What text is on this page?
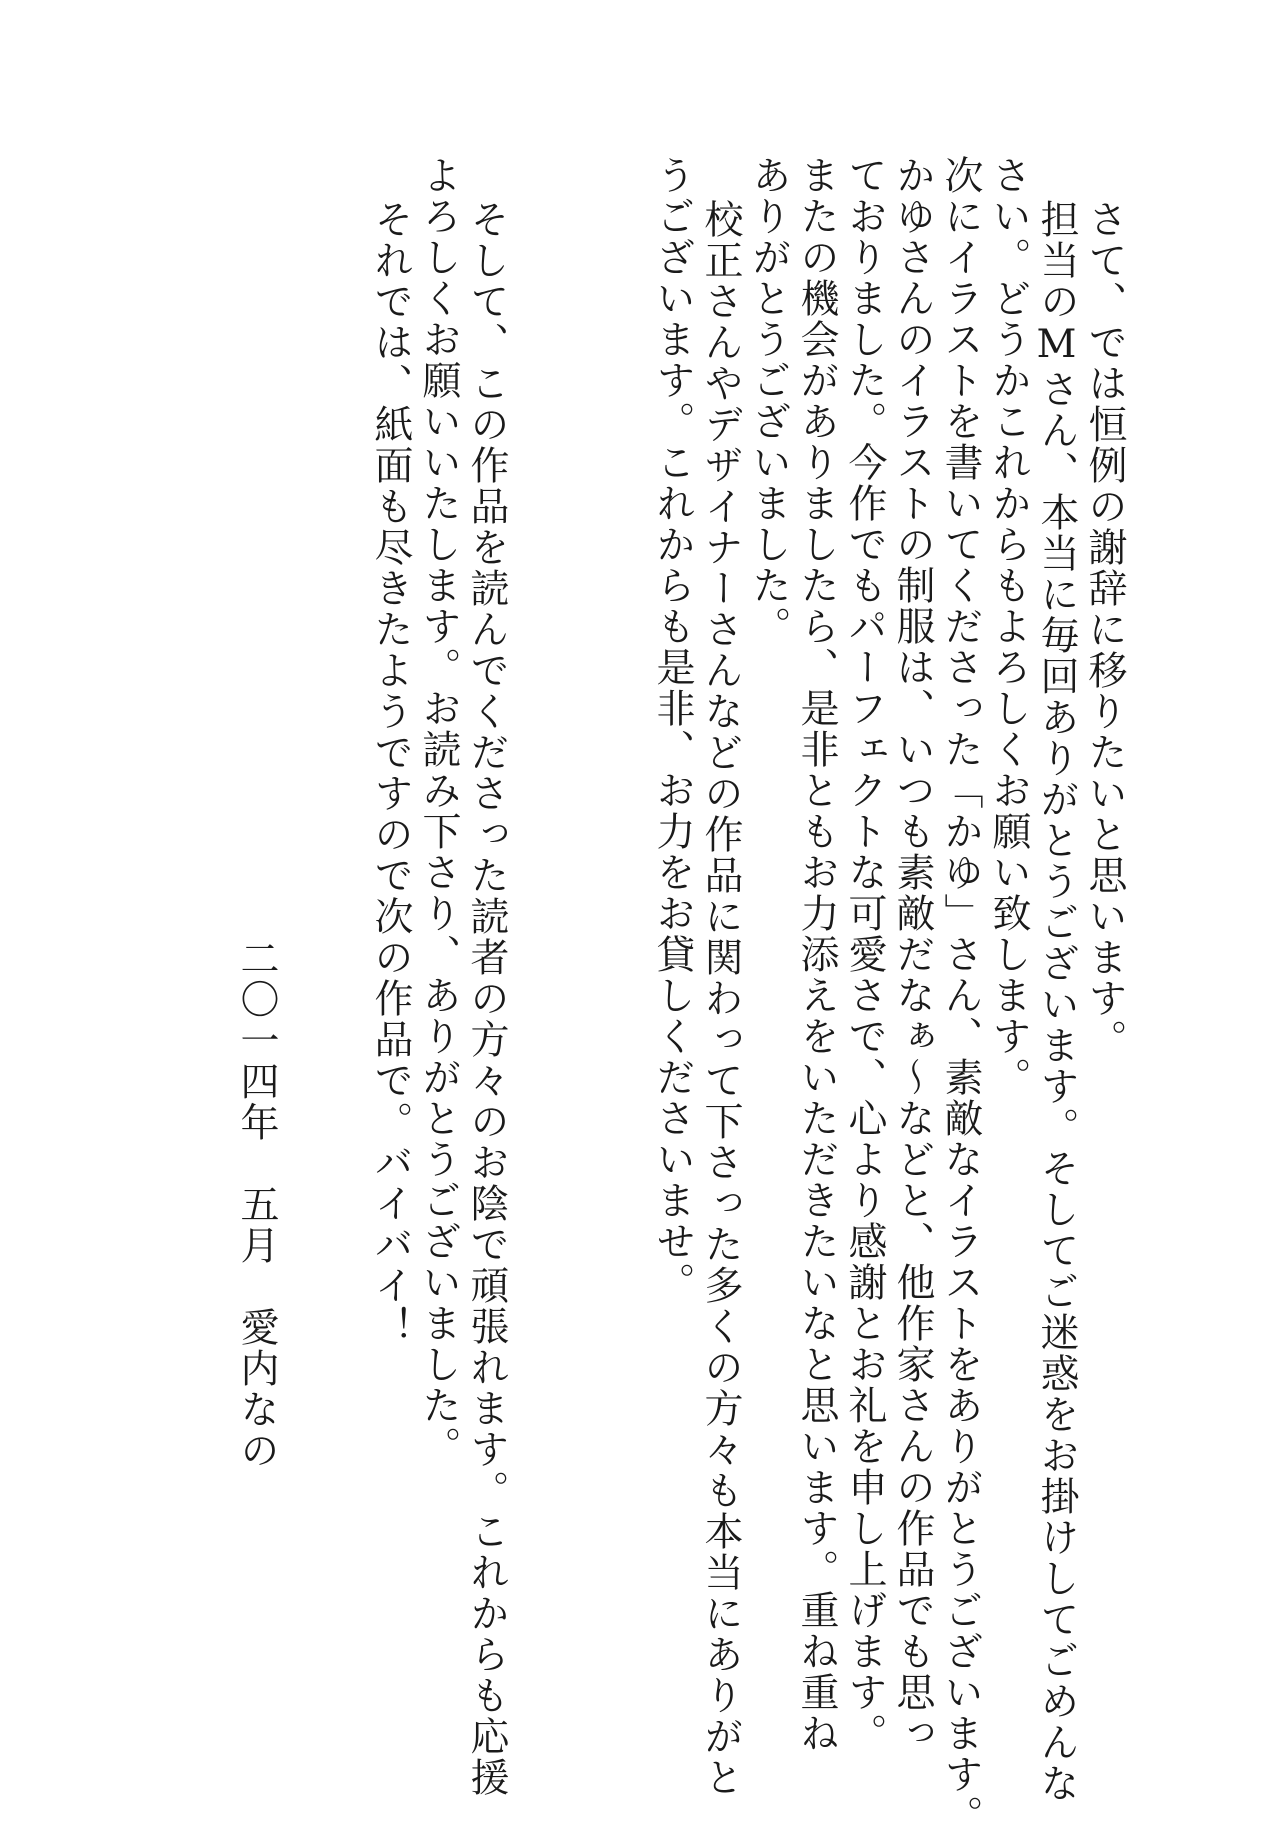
さて、では恒例の謝辞に移りたいと思います。
担当のMさん、本当に毎回ありがとうございます。そしてご迷惑をお掛けしてごめんな
さい。どうかこれからもよろしくお願い致します。
次にイラストを書いてくださった「かゆ」さん、素敵なイラストをありがとうございます。
かゆさんのイラストの制服は、いつも素敵だなぁ～などと、他作家さんの作品でも思っ
ておりました。今作でもパーフェクトな可愛さで、心より感謝とお礼を申し上げます。
またの機会がありましたら、是非ともお力添えをいただきたいなと思います。重ね重ね
ありがとうございました。
校正さんやデザイナーさんなどの作品に関わって下さった多くの方々も本当にありがと
うございます。これからも是非、お力をお貸しくださいませ。
そして、この作品を読んでくださった読者の方々のお陰で頑張れます。これからも応援
よろしくお願いいたします。お読み下さり、ありがとうございました。
それでは、紙面も尽きたようですので次の作品で。バイバイ！
二〇一四年　五月　愛内なの
